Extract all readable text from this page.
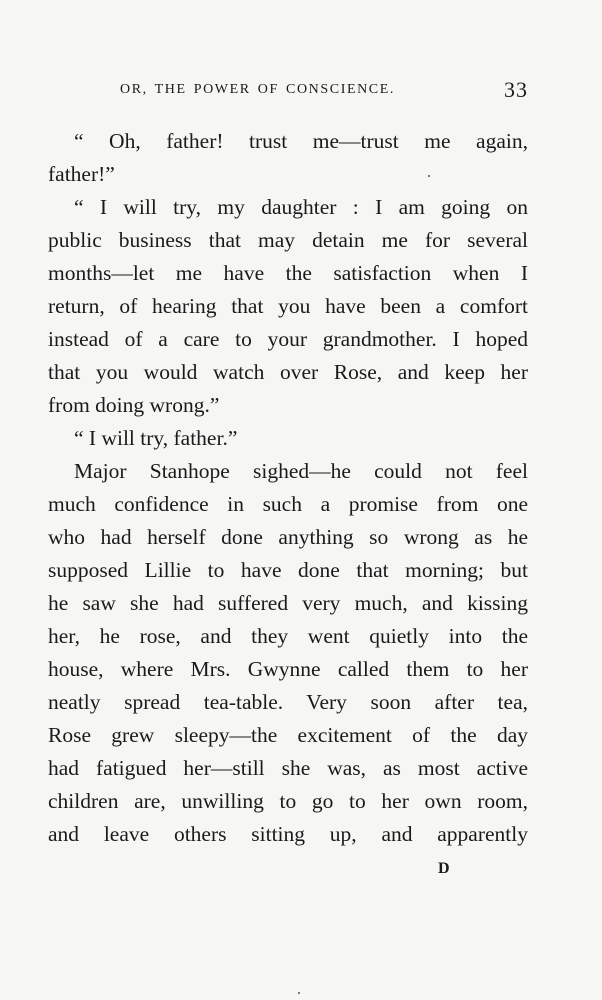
OR, THE POWER OF CONSCIENCE.	33
“ Oh, father! trust me—trust me again,
father!”
“ I will try, my daughter : I am going on
public business that may detain me for several
months—let me have the satisfaction when I
return, of hearing that you have been a comfort
instead of a care to your grandmother. I hoped
that you would watch over Rose, and keep her
from doing wrong.”
“ I will try, father.”
Major Stanhope sighed—he could not feel
much confidence in such a promise from one
who had herself done anything so wrong as he
supposed Lillie to have done that morning; but
he saw she had suffered very much, and kissing
her, he rose, and they went quietly into the
house, where Mrs. Gwynne called them to her
neatly spread tea-table. Very soon after tea,
Rose grew sleepy—the excitement of the day
had fatigued her—still she was, as most active
children are, unwilling to go to her own room,
and leave others sitting up, and apparently
D
